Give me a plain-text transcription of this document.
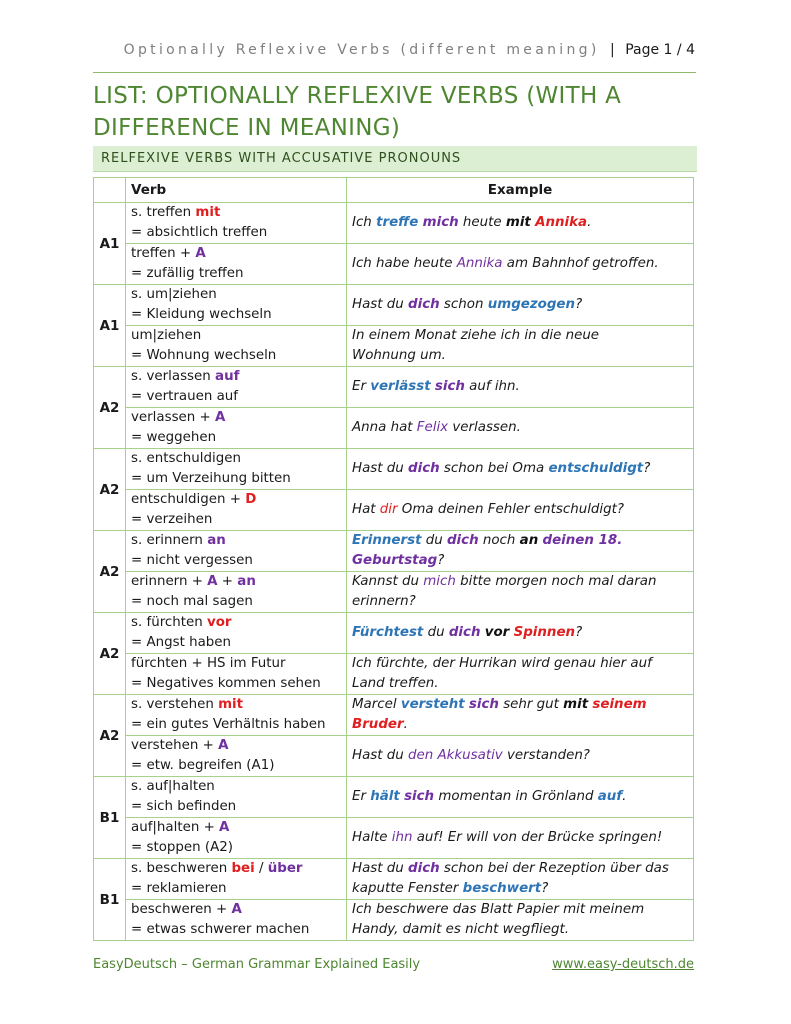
Optionally Reflexive Verbs (different meaning) | Page 1 / 4
LIST: OPTIONALLY REFLEXIVE VERBS (WITH A DIFFERENCE IN MEANING)
RELFEXIVE VERBS WITH ACCUSATIVE PRONOUNS
	Verb	Example
A1	s. treffen mit
= absichtlich treffen	Ich treffe mich heute mit Annika.

	treffen + A
= zufällig treffen	Ich habe heute Annika am Bahnhof getroffen.

A1	s. um|ziehen
= Kleidung wechseln	Hast du dich schon umgezogen?

	um|ziehen
= Wohnung wechseln	In einem Monat ziehe ich in die neue
Wohnung um.

A2	s. verlassen auf
= vertrauen auf	Er verlässt sich auf ihn.

	verlassen + A
= weggehen	Anna hat Felix verlassen.

A2	s. entschuldigen
= um Verzeihung bitten	Hast du dich schon bei Oma entschuldigt?

	entschuldigen + D
= verzeihen	Hat dir Oma deinen Fehler entschuldigt?

A2	s. erinnern an
= nicht vergessen	Erinnerst du dich noch an deinen 18.
Geburtstag?

	erinnern + A + an
= noch mal sagen	Kannst du mich bitte morgen noch mal daran
erinnern?

A2	s. fürchten vor
= Angst haben	Fürchtest du dich vor Spinnen?

	fürchten + HS im Futur
= Negatives kommen sehen	Ich fürchte, der Hurrikan wird genau hier auf
Land treffen.

A2	s. verstehen mit
= ein gutes Verhältnis haben	Marcel versteht sich sehr gut mit seinem
Bruder.

	verstehen + A
= etw. begreifen (A1)	Hast du den Akkusativ verstanden?

B1	s. auf|halten
= sich befinden	Er hält sich momentan in Grönland auf.

	auf|halten + A
= stoppen (A2)	Halte ihn auf! Er will von der Brücke springen!

B1	s. beschweren bei / über
= reklamieren	Hast du dich schon bei der Rezeption über das
kaputte Fenster beschwert?

	beschweren + A
= etwas schwerer machen	Ich beschwere das Blatt Papier mit meinem
Handy, damit es nicht wegfliegt.
EasyDeutsch – German Grammar Explained Easily	www.easy-deutsch.de
